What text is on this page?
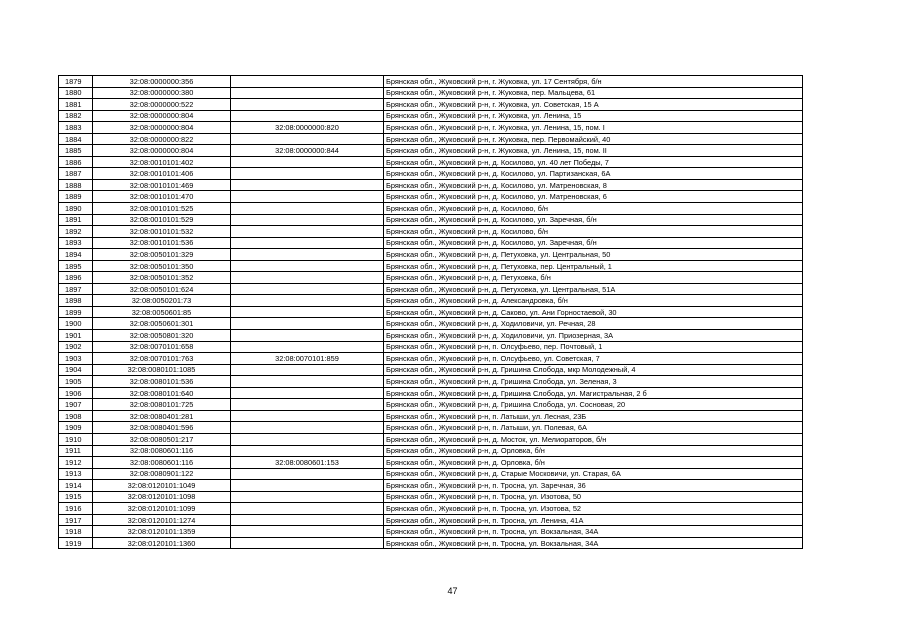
1879	32:08:0000000:356		Брянская обл., Жуковский р-н, г. Жуковка, ул. 17 Сентября, б/н
1880	32:08:0000000:380		Брянская обл., Жуковский р-н, г. Жуковка, пер. Мальцева, 61
1881	32:08:0000000:522		Брянская обл., Жуковский р-н, г. Жуковка, ул. Советская, 15 А
1882	32:08:0000000:804		Брянская обл., Жуковский р-н, г. Жуковка, ул. Ленина, 15
1883	32:08:0000000:804	32:08:0000000:820	Брянская обл., Жуковский р-н, г. Жуковка, ул. Ленина, 15, пом. I
1884	32:08:0000000:822		Брянская обл., Жуковский р-н, г. Жуковка, пер. Первомайский, 40
1885	32:08:0000000:804	32:08:0000000:844	Брянская обл., Жуковский р-н, г. Жуковка, ул. Ленина, 15, пом. II
1886	32:08:0010101:402		Брянская обл., Жуковский р-н, д. Косилово, ул. 40 лет Победы, 7
1887	32:08:0010101:406		Брянская обл., Жуковский р-н, д. Косилово, ул. Партизанская, 6А
1888	32:08:0010101:469		Брянская обл., Жуковский р-н, д. Косилово, ул. Матреновская, 8
1889	32:08:0010101:470		Брянская обл., Жуковский р-н, д. Косилово, ул. Матреновская, 6
1890	32:08:0010101:525		Брянская обл., Жуковский р-н, д. Косилово, б/н
1891	32:08:0010101:529		Брянская обл., Жуковский р-н, д. Косилово, ул. Заречная, б/н
1892	32:08:0010101:532		Брянская обл., Жуковский р-н, д. Косилово, б/н
1893	32:08:0010101:536		Брянская обл., Жуковский р-н, д. Косилово, ул. Заречная, б/н
1894	32:08:0050101:329		Брянская обл., Жуковский р-н, д. Петуховка, ул. Центральная, 50
1895	32:08:0050101:350		Брянская обл., Жуковский р-н, д. Петуховка, пер. Центральный, 1
1896	32:08:0050101:352		Брянская обл., Жуковский р-н, д. Петуховка, б/н
1897	32:08:0050101:624		Брянская обл., Жуковский р-н, д. Петуховка, ул. Центральная, 51А
1898	32:08:0050201:73		Брянская обл., Жуковский р-н, д. Александровка, б/н
1899	32:08:0050601:85		Брянская обл., Жуковский р-н, д. Саково, ул. Ани Горностаевой, 30
1900	32:08:0050601:301		Брянская обл., Жуковский р-н, д. Ходиловичи, ул. Речная, 28
1901	32:08:0050801:320		Брянская обл., Жуковский р-н, д. Ходиловичи, ул. Приозерная, 3А
1902	32:08:0070101:658		Брянская обл., Жуковский р-н, п. Олсуфьево, пер. Почтовый, 1
1903	32:08:0070101:763	32:08:0070101:859	Брянская обл., Жуковский р-н, п. Олсуфьево, ул. Советская, 7
1904	32:08:0080101:1085		Брянская обл., Жуковский р-н, д. Гришина Слобода, мкр Молодежный, 4
1905	32:08:0080101:536		Брянская обл., Жуковский р-н, д. Гришина Слобода, ул. Зеленая, 3
1906	32:08:0080101:640		Брянская обл., Жуковский р-н, д. Гришина Слобода, ул. Магистральная, 2 б
1907	32:08:0080101:725		Брянская обл., Жуковский р-н, д. Гришина Слобода, ул. Сосновая, 20
1908	32:08:0080401:281		Брянская обл., Жуковский р-н, п. Латыши, ул. Лесная, 23Б
1909	32:08:0080401:596		Брянская обл., Жуковский р-н, п. Латыши, ул. Полевая, 6А
1910	32:08:0080501:217		Брянская обл., Жуковский р-н, д. Мосток, ул. Мелиораторов, б/н
1911	32:08:0080601:116		Брянская обл., Жуковский р-н, д. Орловка, б/н
1912	32:08:0080601:116	32:08:0080601:153	Брянская обл., Жуковский р-н, д. Орловка, б/н
1913	32:08:0080901:122		Брянская обл., Жуковский р-н, д. Старые Московичи, ул. Старая, 6А
1914	32:08:0120101:1049		Брянская обл., Жуковский р-н, п. Тросна, ул. Заречная, 36
1915	32:08:0120101:1098		Брянская обл., Жуковский р-н, п. Тросна, ул. Изотова, 50
1916	32:08:0120101:1099		Брянская обл., Жуковский р-н, п. Тросна, ул. Изотова, 52
1917	32:08:0120101:1274		Брянская обл., Жуковский р-н, п. Тросна, ул. Ленина, 41А
1918	32:08:0120101:1359		Брянская обл., Жуковский р-н, п. Тросна, ул. Вокзальная, 34А
1919	32:08:0120101:1360		Брянская обл., Жуковский р-н, п. Тросна, ул. Вокзальная, 34А
47
